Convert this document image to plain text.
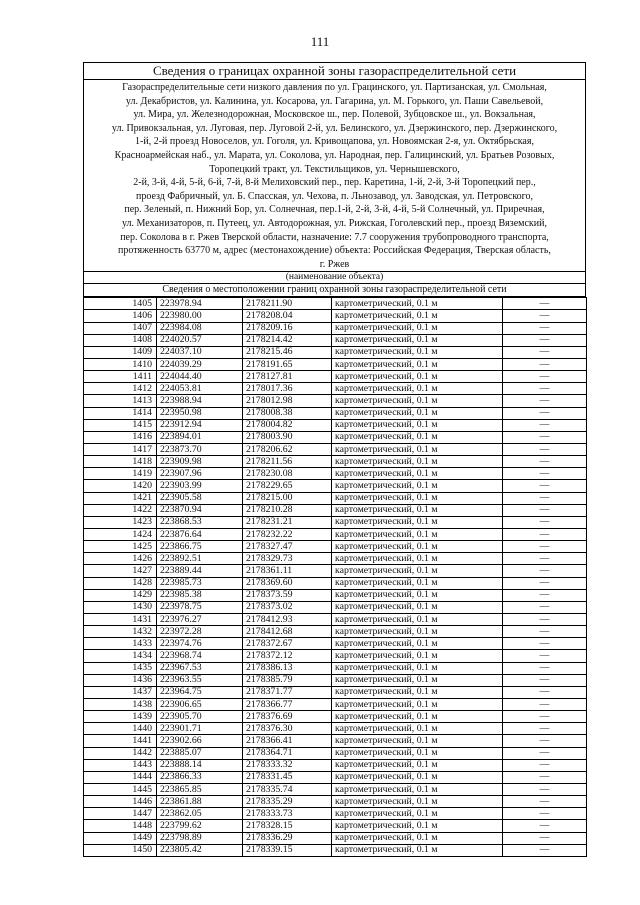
111
Сведения о границах охранной зоны газораспределительной сети
Газораспределительные сети низкого давления по ул. Грацинского, ул. Партизанская, ул. Смольная,
ул. Декабристов, ул. Калинина, ул. Косарова, ул. Гагарина, ул. М. Горького, ул. Паши Савельевой,
ул. Мира, ул. Железнодорожная, Московское ш., пер. Полевой, Зубцовское ш., ул. Вокзальная,
ул. Привокзальная, ул. Луговая, пер. Луговой 2-й, ул. Белинского, ул. Дзержинского, пер. Дзержинского,
1-й, 2-й проезд Новоселов, ул. Гоголя, ул. Кривощапова, ул. Новоямская 2-я, ул. Октябрьская,
Красноармейская наб., ул. Марата, ул. Соколова, ул. Народная, пер. Галицинский, ул. Братьев Розовых,
Торопецкий тракт, ул. Текстильщиков, ул. Чернышевского,
2-й, 3-й, 4-й, 5-й, 6-й, 7-й, 8-й Мелиховский пер., пер. Каретина, 1-й, 2-й, 3-й Торопецкий пер.,
проезд Фабричный, ул. Б. Спасская, ул. Чехова, п. Льнозавод, ул. Заводская, ул. Петровского,
пер. Зеленый, п. Нижний Бор, ул. Солнечная, пер.1-й, 2-й, 3-й, 4-й, 5-й Солнечный, ул. Приречная,
ул. Механизаторов, п. Путеец, ул. Автодорожная, ул. Рижская, Гоголевский пер., проезд Вяземский,
пер. Соколова в г. Ржев Тверской области, назначение: 7.7 сооружения трубопроводного транспорта,
протяженность 63770 м, адрес (местонахождение) объекта: Российская Федерация, Тверская область,
г. Ржев
(наименование объекта)
Сведения о местоположении границ охранной зоны газораспределительной сети
1405	223978.94	2178211.90	картометрический, 0.1 м	—
1406	223980.00	2178208.04	картометрический, 0.1 м	—
1407	223984.08	2178209.16	картометрический, 0.1 м	—
1408	224020.57	2178214.42	картометрический, 0.1 м	—
1409	224037.10	2178215.46	картометрический, 0.1 м	—
1410	224039.29	2178191.65	картометрический, 0.1 м	—
1411	224044.40	2178127.81	картометрический, 0.1 м	—
1412	224053.81	2178017.36	картометрический, 0.1 м	—
1413	223988.94	2178012.98	картометрический, 0.1 м	—
1414	223950.98	2178008.38	картометрический, 0.1 м	—
1415	223912.94	2178004.82	картометрический, 0.1 м	—
1416	223894.01	2178003.90	картометрический, 0.1 м	—
1417	223873.70	2178206.62	картометрический, 0.1 м	—
1418	223909.98	2178211.56	картометрический, 0.1 м	—
1419	223907.96	2178230.08	картометрический, 0.1 м	—
1420	223903.99	2178229.65	картометрический, 0.1 м	—
1421	223905.58	2178215.00	картометрический, 0.1 м	—
1422	223870.94	2178210.28	картометрический, 0.1 м	—
1423	223868.53	2178231.21	картометрический, 0.1 м	—
1424	223876.64	2178232.22	картометрический, 0.1 м	—
1425	223866.75	2178327.47	картометрический, 0.1 м	—
1426	223892.51	2178329.73	картометрический, 0.1 м	—
1427	223889.44	2178361.11	картометрический, 0.1 м	—
1428	223985.73	2178369.60	картометрический, 0.1 м	—
1429	223985.38	2178373.59	картометрический, 0.1 м	—
1430	223978.75	2178373.02	картометрический, 0.1 м	—
1431	223976.27	2178412.93	картометрический, 0.1 м	—
1432	223972.28	2178412.68	картометрический, 0.1 м	—
1433	223974.76	2178372.67	картометрический, 0.1 м	—
1434	223968.74	2178372.12	картометрический, 0.1 м	—
1435	223967.53	2178386.13	картометрический, 0.1 м	—
1436	223963.55	2178385.79	картометрический, 0.1 м	—
1437	223964.75	2178371.77	картометрический, 0.1 м	—
1438	223906.65	2178366.77	картометрический, 0.1 м	—
1439	223905.70	2178376.69	картометрический, 0.1 м	—
1440	223901.71	2178376.30	картометрический, 0.1 м	—
1441	223902.66	2178366.41	картометрический, 0.1 м	—
1442	223885.07	2178364.71	картометрический, 0.1 м	—
1443	223888.14	2178333.32	картометрический, 0.1 м	—
1444	223866.33	2178331.45	картометрический, 0.1 м	—
1445	223865.85	2178335.74	картометрический, 0.1 м	—
1446	223861.88	2178335.29	картометрический, 0.1 м	—
1447	223862.05	2178333.73	картометрический, 0.1 м	—
1448	223799.62	2178328.15	картометрический, 0.1 м	—
1449	223798.89	2178336.29	картометрический, 0.1 м	—
1450	223805.42	2178339.15	картометрический, 0.1 м	—
